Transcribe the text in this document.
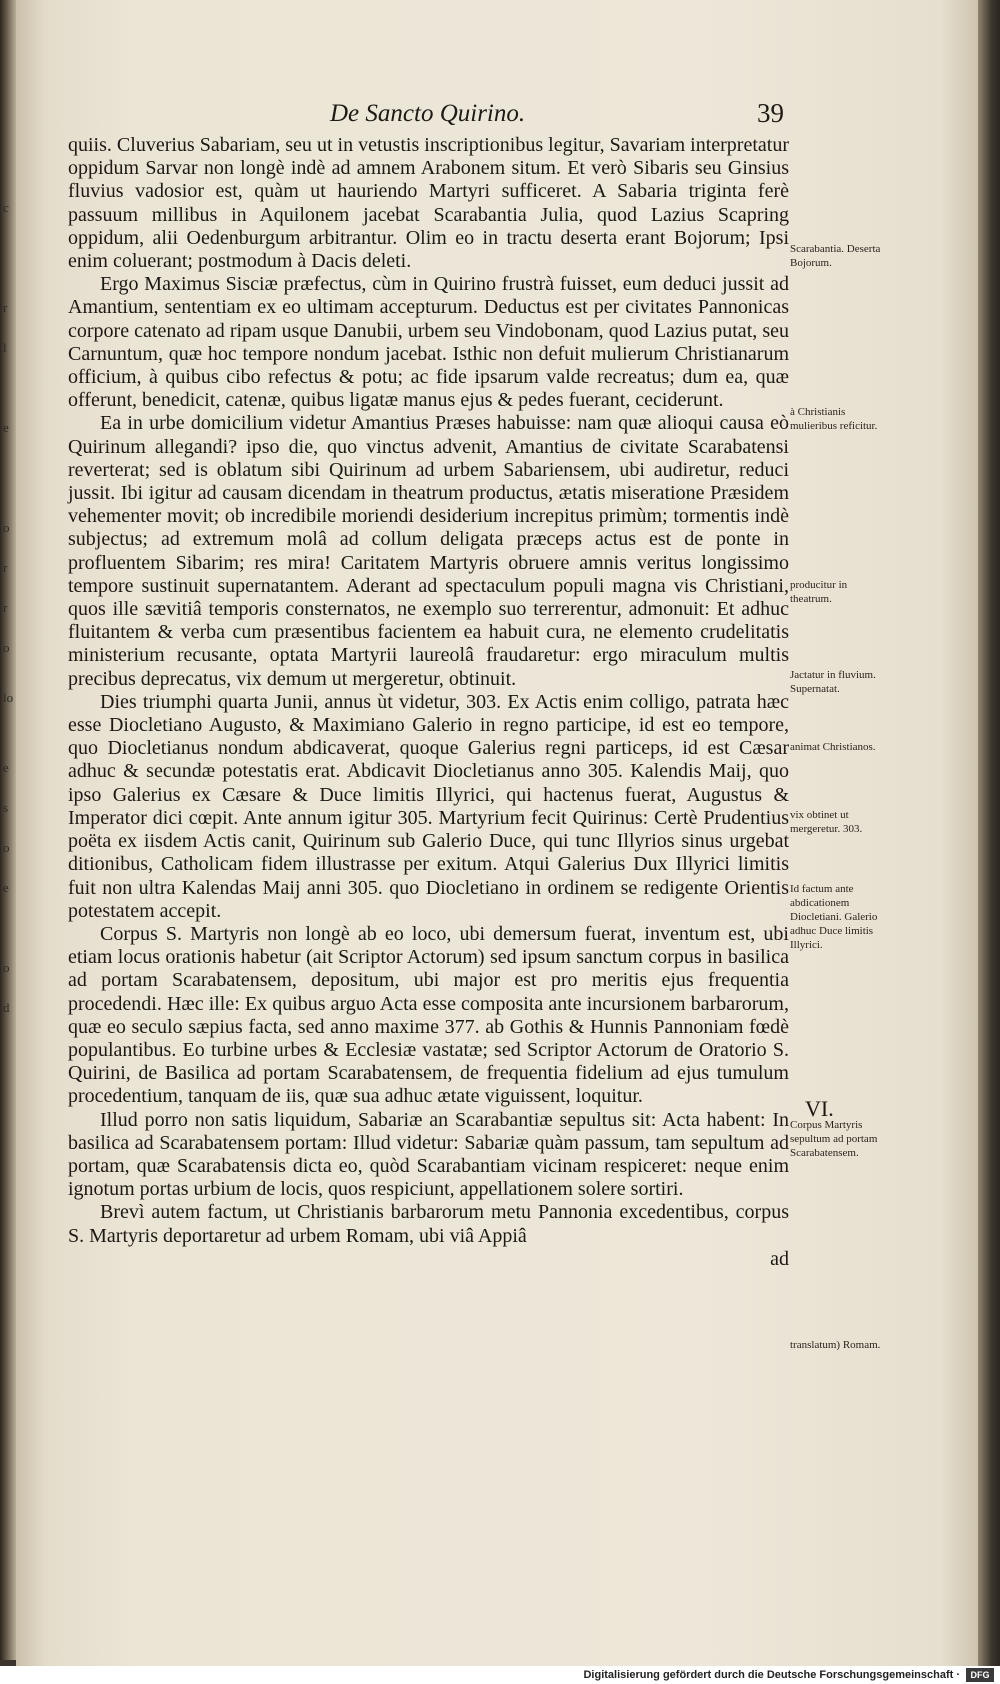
c
r
l
e
o
r
r
o
lo
e
s
o
e
o
d
De Sancto Quirino.	39

quiis. Cluverius Sabariam, seu ut in vetustis inscriptionibus legitur, Savariam interpretatur oppidum Sarvar non longè indè ad amnem Arabonem situm. Et verò Sibaris seu Ginsius fluvius vadosior est, quàm ut hauriendo Martyri sufficeret. A Sabaria triginta ferè passuum millibus in Aquilonem jacebat Scarabantia Julia, quod Lazius Scapring oppidum, alii Oedenburgum arbitrantur. Olim eo in tractu deserta erant Bojorum; Ipsi enim coluerant; postmodum à Dacis deleti.

Ergo Maximus Sisciæ præfectus, cùm in Quirino frustrà fuisset, eum deduci jussit ad Amantium, sententiam ex eo ultimam accepturum. Deductus est per civitates Pannonicas corpore catenato ad ripam usque Danubii, urbem seu Vindobonam, quod Lazius putat, seu Carnuntum, quæ hoc tempore nondum jacebat. Isthic non defuit mulierum Christianarum officium, à quibus cibo refectus & potu; ac fide ipsarum valde recreatus; dum ea, quæ offerunt, benedicit, catenæ, quibus ligatæ manus ejus & pedes fuerant, ceciderunt.

Ea in urbe domicilium videtur Amantius Præses habuisse: nam quæ alioqui causa eò Quirinum allegandi? ipso die, quo vinctus advenit, Amantius de civitate Scarabatensi reverterat; sed is oblatum sibi Quirinum ad urbem Sabariensem, ubi audiretur, reduci jussit. Ibi igitur ad causam dicendam in theatrum productus, ætatis miseratione Præsidem vehementer movit; ob incredibile moriendi desiderium increpitus primùm; tormentis indè subjectus; ad extremum molâ ad collum deligata præceps actus est de ponte in profluentem Sibarim; res mira! Caritatem Martyris obruere amnis veritus longissimo tempore sustinuit supernatantem. Aderant ad spectaculum populi magna vis Christiani, quos ille sævitiâ temporis consternatos, ne exemplo suo terrerentur, admonuit: Et adhuc fluitantem & verba cum præsentibus facientem ea habuit cura, ne elemento crudelitatis ministerium recusante, optata Martyrii laureolâ fraudaretur: ergo miraculum multis precibus deprecatus, vix demum ut mergeretur, obtinuit.

Dies triumphi quarta Junii, annus ùt videtur, 303. Ex Actis enim colligo, patrata hæc esse Diocletiano Augusto, & Maximiano Galerio in regno participe, id est eo tempore, quo Diocletianus nondum abdicaverat, quoque Galerius regni particeps, id est Cæsar adhuc & secundæ potestatis erat. Abdicavit Diocletianus anno 305. Kalendis Maij, quo ipso Galerius ex Cæsare & Duce limitis Illyrici, qui hactenus fuerat, Augustus & Imperator dici cœpit. Ante annum igitur 305. Martyrium fecit Quirinus: Certè Prudentius poëta ex iisdem Actis canit, Quirinum sub Galerio Duce, qui tunc Illyrios sinus urgebat ditionibus, Catholicam fidem illustrasse per exitum. Atqui Galerius Dux Illyrici limitis fuit non ultra Kalendas Maij anni 305. quo Diocletiano in ordinem se redigente Orientis potestatem accepit.

Corpus S. Martyris non longè ab eo loco, ubi demersum fuerat, inventum est, ubi etiam locus orationis habetur (ait Scriptor Actorum) sed ipsum sanctum corpus in basilica ad portam Scarabatensem, depositum, ubi major est pro meritis ejus frequentia procedendi. Hæc ille: Ex quibus arguo Acta esse composita ante incursionem barbarorum, quæ eo seculo sæpius facta, sed anno maxime 377. ab Gothis & Hunnis Pannoniam fœdè populantibus. Eo turbine urbes & Ecclesiæ vastatæ; sed Scriptor Actorum de Oratorio S. Quirini, de Basilica ad portam Scarabatensem, de frequentia fidelium ad ejus tumulum procedentium, tanquam de iis, quæ sua adhuc ætate viguissent, loquitur.

Illud porro non satis liquidum, Sabariæ an Scarabantiæ sepultus sit: Acta habent: In basilica ad Scarabatensem portam: Illud videtur: Sabariæ quàm passum, tam sepultum ad portam, quæ Scarabatensis dicta eo, quòd Scarabantiam vicinam respiceret: neque enim ignotum portas urbium de locis, quos respiciunt, appellationem solere sortiri.

Brevì autem factum, ut Christianis barbarorum metu Pannonia excedentibus, corpus S. Martyris deportaretur ad urbem Romam, ubi viâ Appiâ

ad

Scarabantia. Deserta Bojorum.
à Christianis mulieribus reficitur.
producitur in theatrum.
Jactatur in fluvium. Supernatat.
animat Christianos.
vix obtinet ut mergeretur. 303.
Id factum ante abdicationem Diocletiani. Galerio adhuc Duce limitis Illyrici.
Corpus Martyris sepultum ad portam Scarabatensem.
translatum) Romam.
VI.
Digitalisierung gefördert durch die Deutsche Forschungsgemeinschaft ·	DFG
